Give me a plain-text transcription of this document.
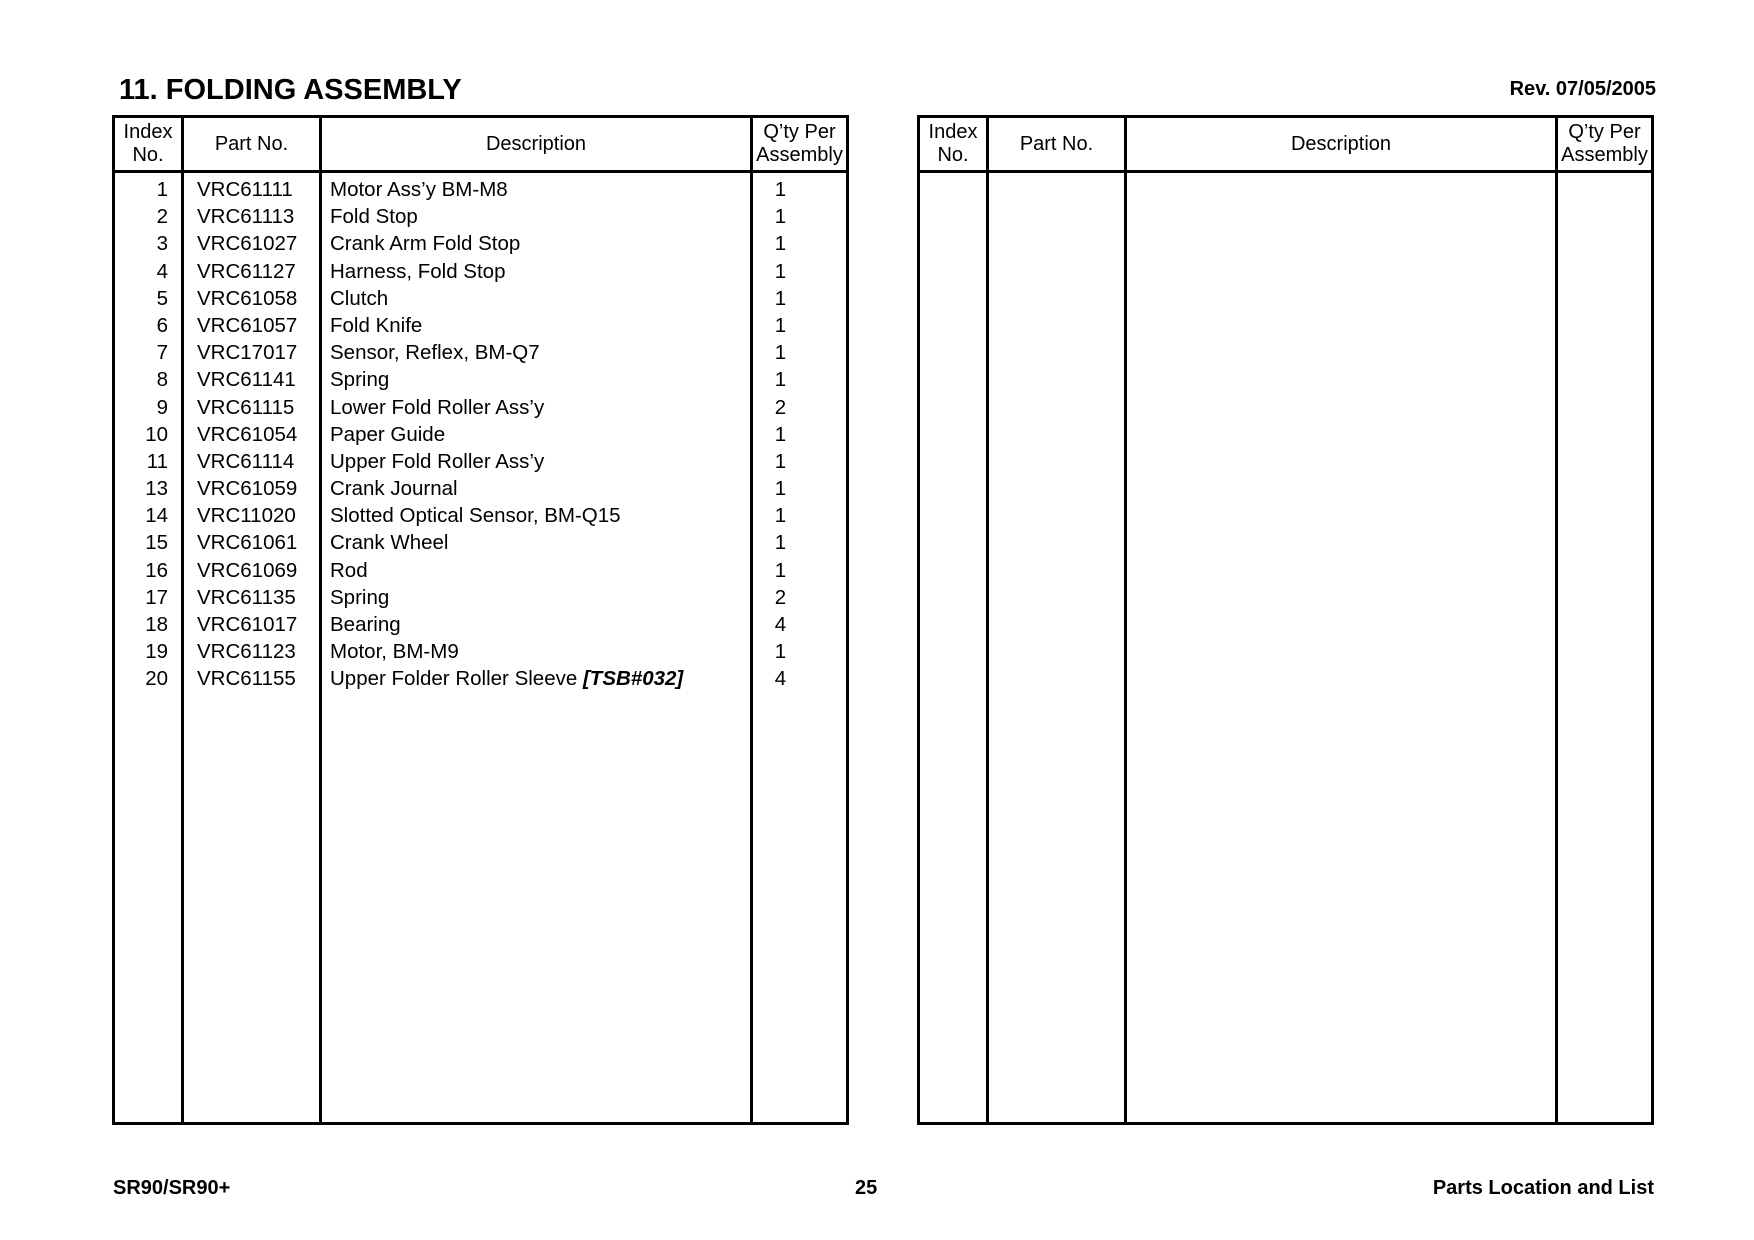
11. FOLDING ASSEMBLY	Rev. 07/05/2005
Index No.
Part No.	Description
Q’ty Per Assembly
1 VRC61111 Motor Ass’y BM-M8	1
2 VRC61113 Fold Stop	1
3 VRC61027 Crank Arm Fold Stop	1
4 VRC61127 Harness, Fold Stop	1
5 VRC61058 Clutch	1
6 VRC61057 Fold Knife	1
7 VRC17017 Sensor, Reflex, BM-Q7	1
8 VRC61141 Spring	1
9 VRC61115 Lower Fold Roller Ass’y	2
10 VRC61054 Paper Guide	1
11 VRC61114 Upper Fold Roller Ass’y	1
13 VRC61059 Crank Journal	1
14 VRC11020 Slotted Optical Sensor, BM-Q15	1
15 VRC61061 Crank Wheel	1
16 VRC61069 Rod	1
17 VRC61135 Spring	2
18 VRC61017 Bearing	4
19 VRC61123 Motor, BM-M9	1
20 VRC61155 Upper Folder Roller Sleeve [TSB#032]	4
Index No.
Part No.	Description
Q’ty Per Assembly
SR90/SR90+	25	Parts Location and List
